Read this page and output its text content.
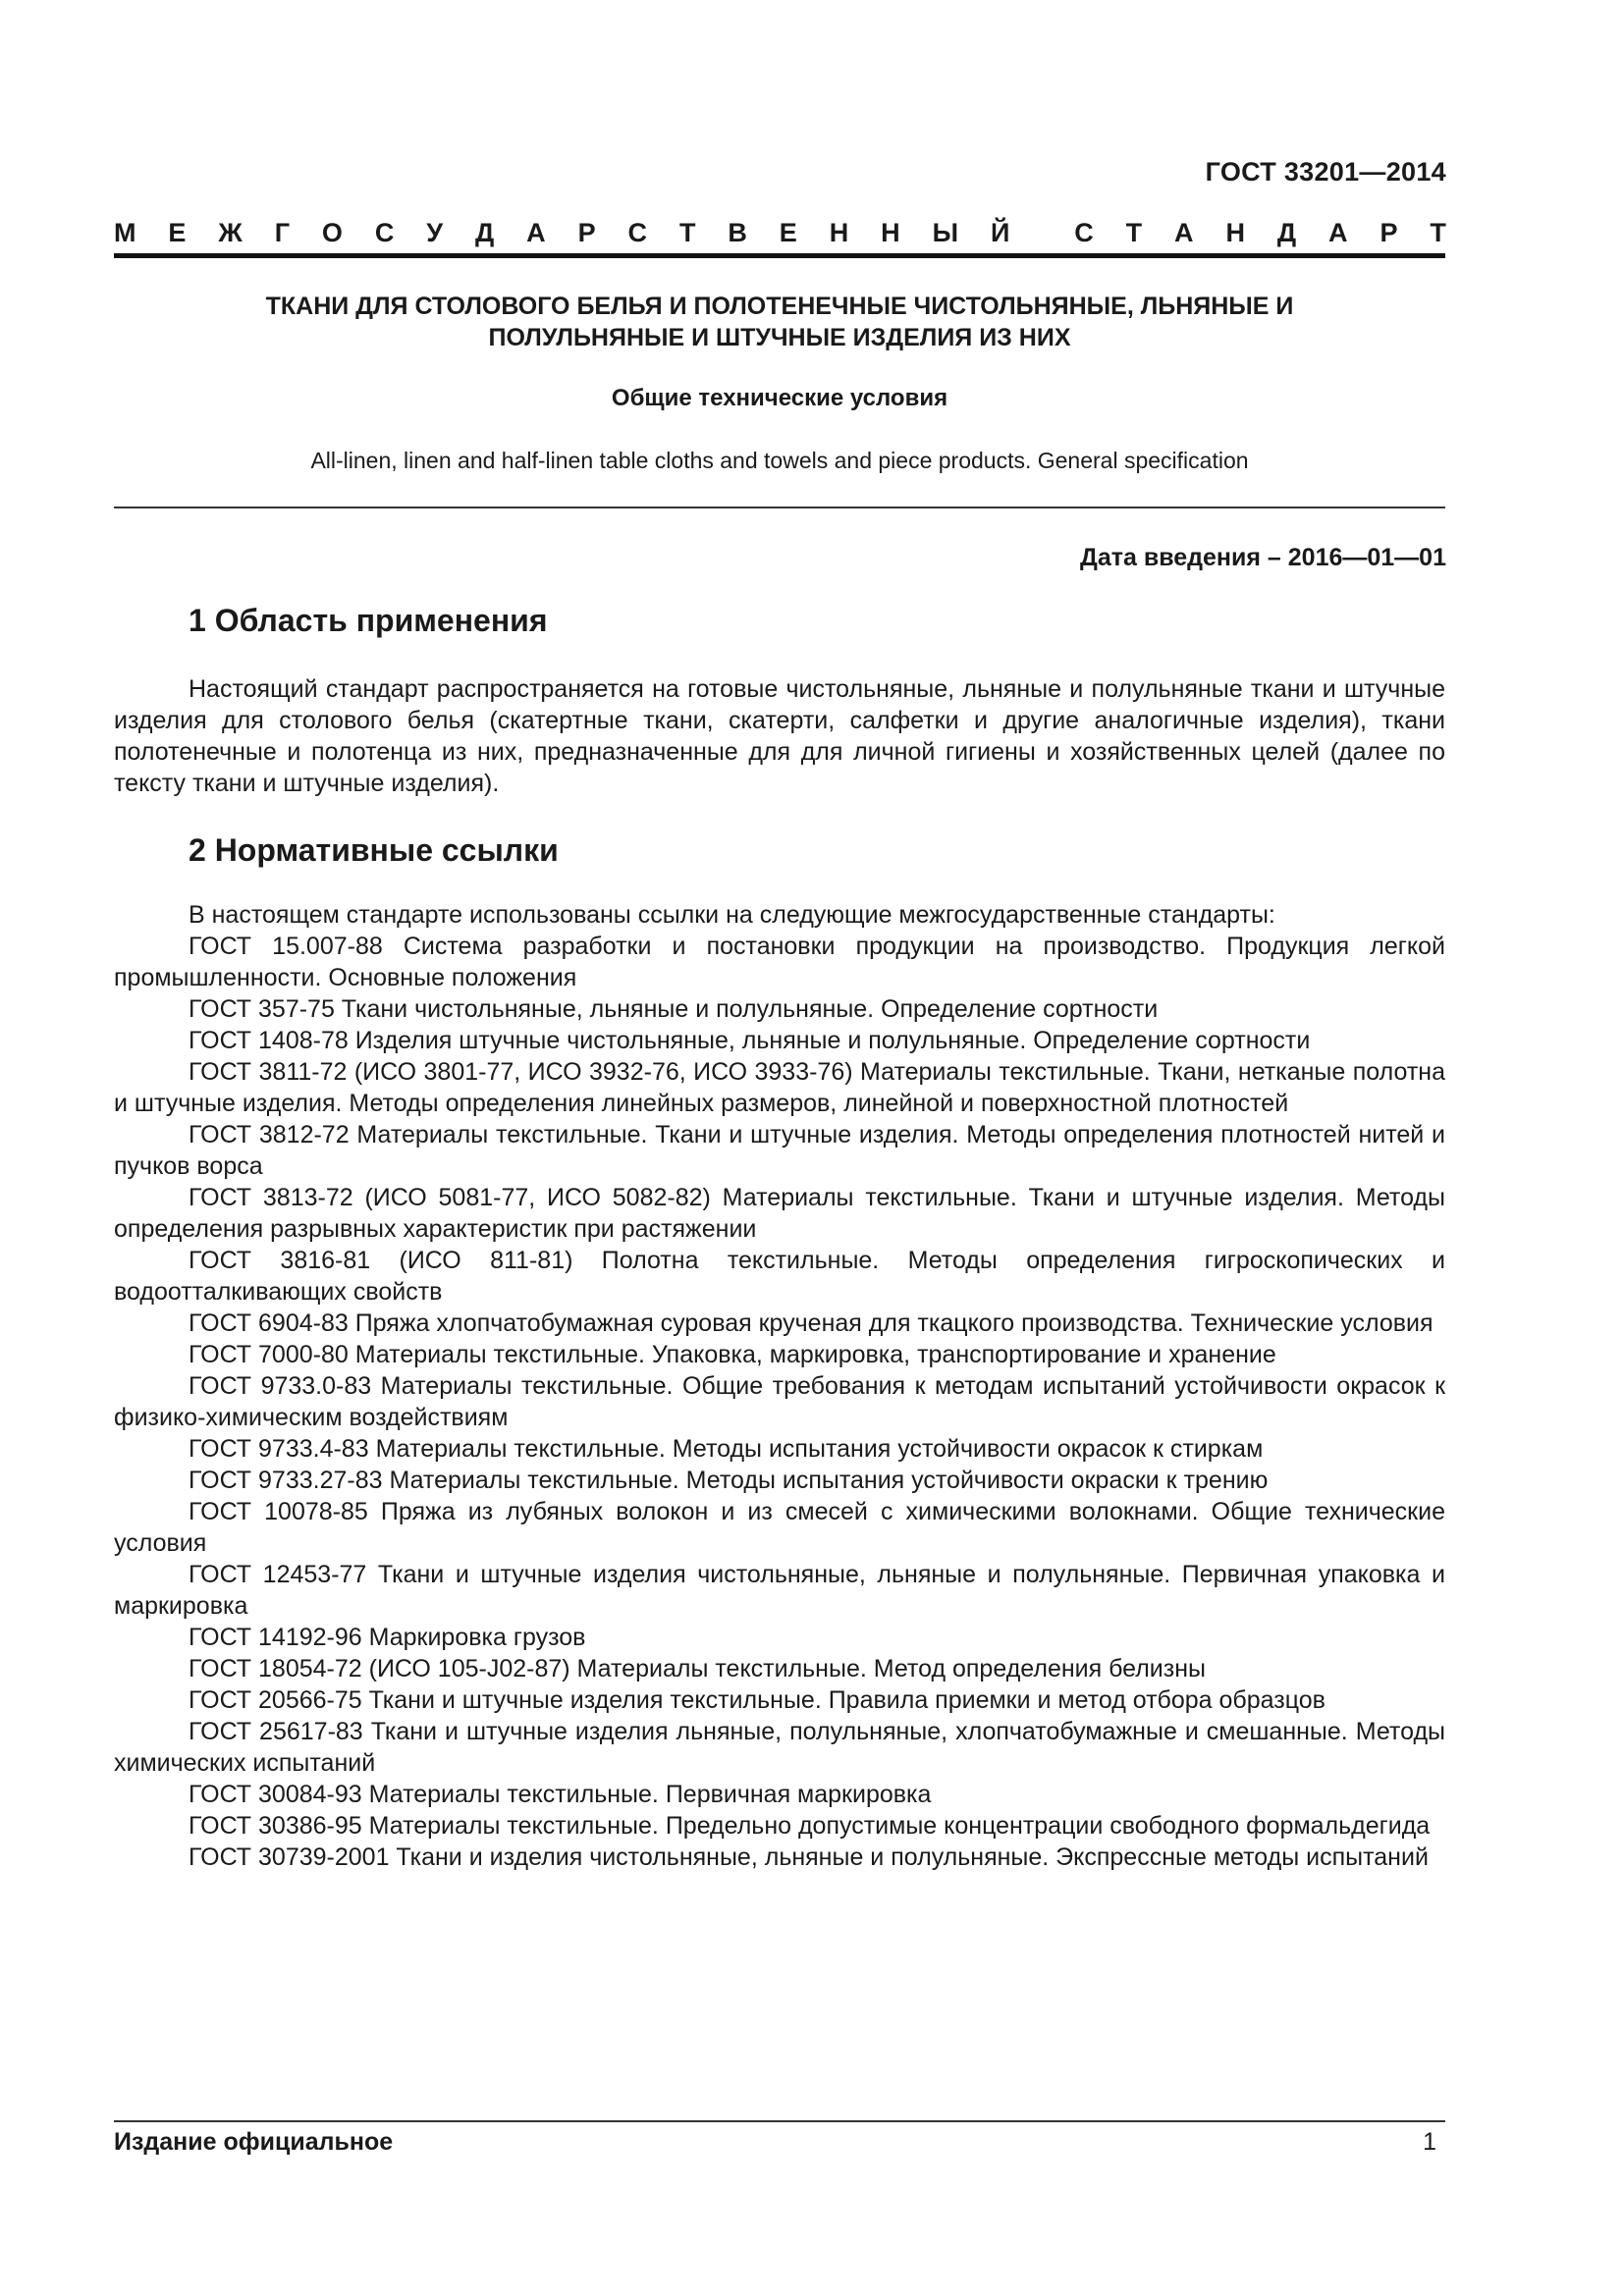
ГОСТ 33201—2014
М Е Ж Г О С У Д А Р С Т В Е Н Н Ы Й С Т А Н Д А Р Т
ТКАНИ ДЛЯ СТОЛОВОГО БЕЛЬЯ И ПОЛОТЕНЕЧНЫЕ ЧИСТОЛЬНЯНЫЕ, ЛЬНЯНЫЕ И
ПОЛУЛЬНЯНЫЕ И ШТУЧНЫЕ ИЗДЕЛИЯ ИЗ НИХ
Общие технические условия
All-linen, linen and half-linen table cloths and towels and piece products. General specification
Дата введения – 2016—01—01
1 Область применения
Настоящий стандарт распространяется на готовые чистольняные, льняные и полульняные ткани и штучные изделия для столового белья (скатертные ткани, скатерти, салфетки и другие аналогичные изделия), ткани полотенечные и полотенца из них, предназначенные для для личной гигиены и хозяйственных целей (далее по тексту ткани и штучные изделия).
2 Нормативные ссылки

В настоящем стандарте использованы ссылки на следующие межгосударственные стандарты:

ГОСТ 15.007-88 Система разработки и постановки продукции на производство. Продукция легкой промышленности. Основные положения

ГОСТ 357-75 Ткани чистольняные, льняные и полульняные. Определение сортности

ГОСТ 1408-78 Изделия штучные чистольняные, льняные и полульняные. Определение сортности

ГОСТ 3811-72 (ИСО 3801-77, ИСО 3932-76, ИСО 3933-76) Материалы текстильные. Ткани, нетканые полотна и штучные изделия. Методы определения линейных размеров, линейной и поверхностной плотностей

ГОСТ 3812-72 Материалы текстильные. Ткани и штучные изделия. Методы определения плотностей нитей и пучков ворса

ГОСТ 3813-72 (ИСО 5081-77, ИСО 5082-82) Материалы текстильные. Ткани и штучные изделия. Методы определения разрывных характеристик при растяжении

ГОСТ 3816-81 (ИСО 811-81) Полотна текстильные. Методы определения гигроскопических и водоотталкивающих свойств

ГОСТ 6904-83 Пряжа хлопчатобумажная суровая крученая для ткацкого производства. Технические условия

ГОСТ 7000-80 Материалы текстильные. Упаковка, маркировка, транспортирование и хранение

ГОСТ 9733.0-83 Материалы текстильные. Общие требования к методам испытаний устойчивости окрасок к физико-химическим воздействиям

ГОСТ 9733.4-83 Материалы текстильные. Методы испытания устойчивости окрасок к стиркам

ГОСТ 9733.27-83 Материалы текстильные. Методы испытания устойчивости окраски к трению

ГОСТ 10078-85 Пряжа из лубяных волокон и из смесей с химическими волокнами. Общие технические условия

ГОСТ 12453-77 Ткани и штучные изделия чистольняные, льняные и полульняные. Первичная упаковка и маркировка

ГОСТ 14192-96 Маркировка грузов

ГОСТ 18054-72 (ИСО 105-J02-87) Материалы текстильные. Метод определения белизны

ГОСТ 20566-75 Ткани и штучные изделия текстильные. Правила приемки и метод отбора образцов

ГОСТ 25617-83 Ткани и штучные изделия льняные, полульняные, хлопчатобумажные и смешанные. Методы химических испытаний

ГОСТ 30084-93 Материалы текстильные. Первичная маркировка

ГОСТ 30386-95 Материалы текстильные. Предельно допустимые концентрации свободного формальдегида

ГОСТ 30739-2001 Ткани и изделия чистольняные, льняные и полульняные. Экспрессные методы испытаний

Издание официальное	1
